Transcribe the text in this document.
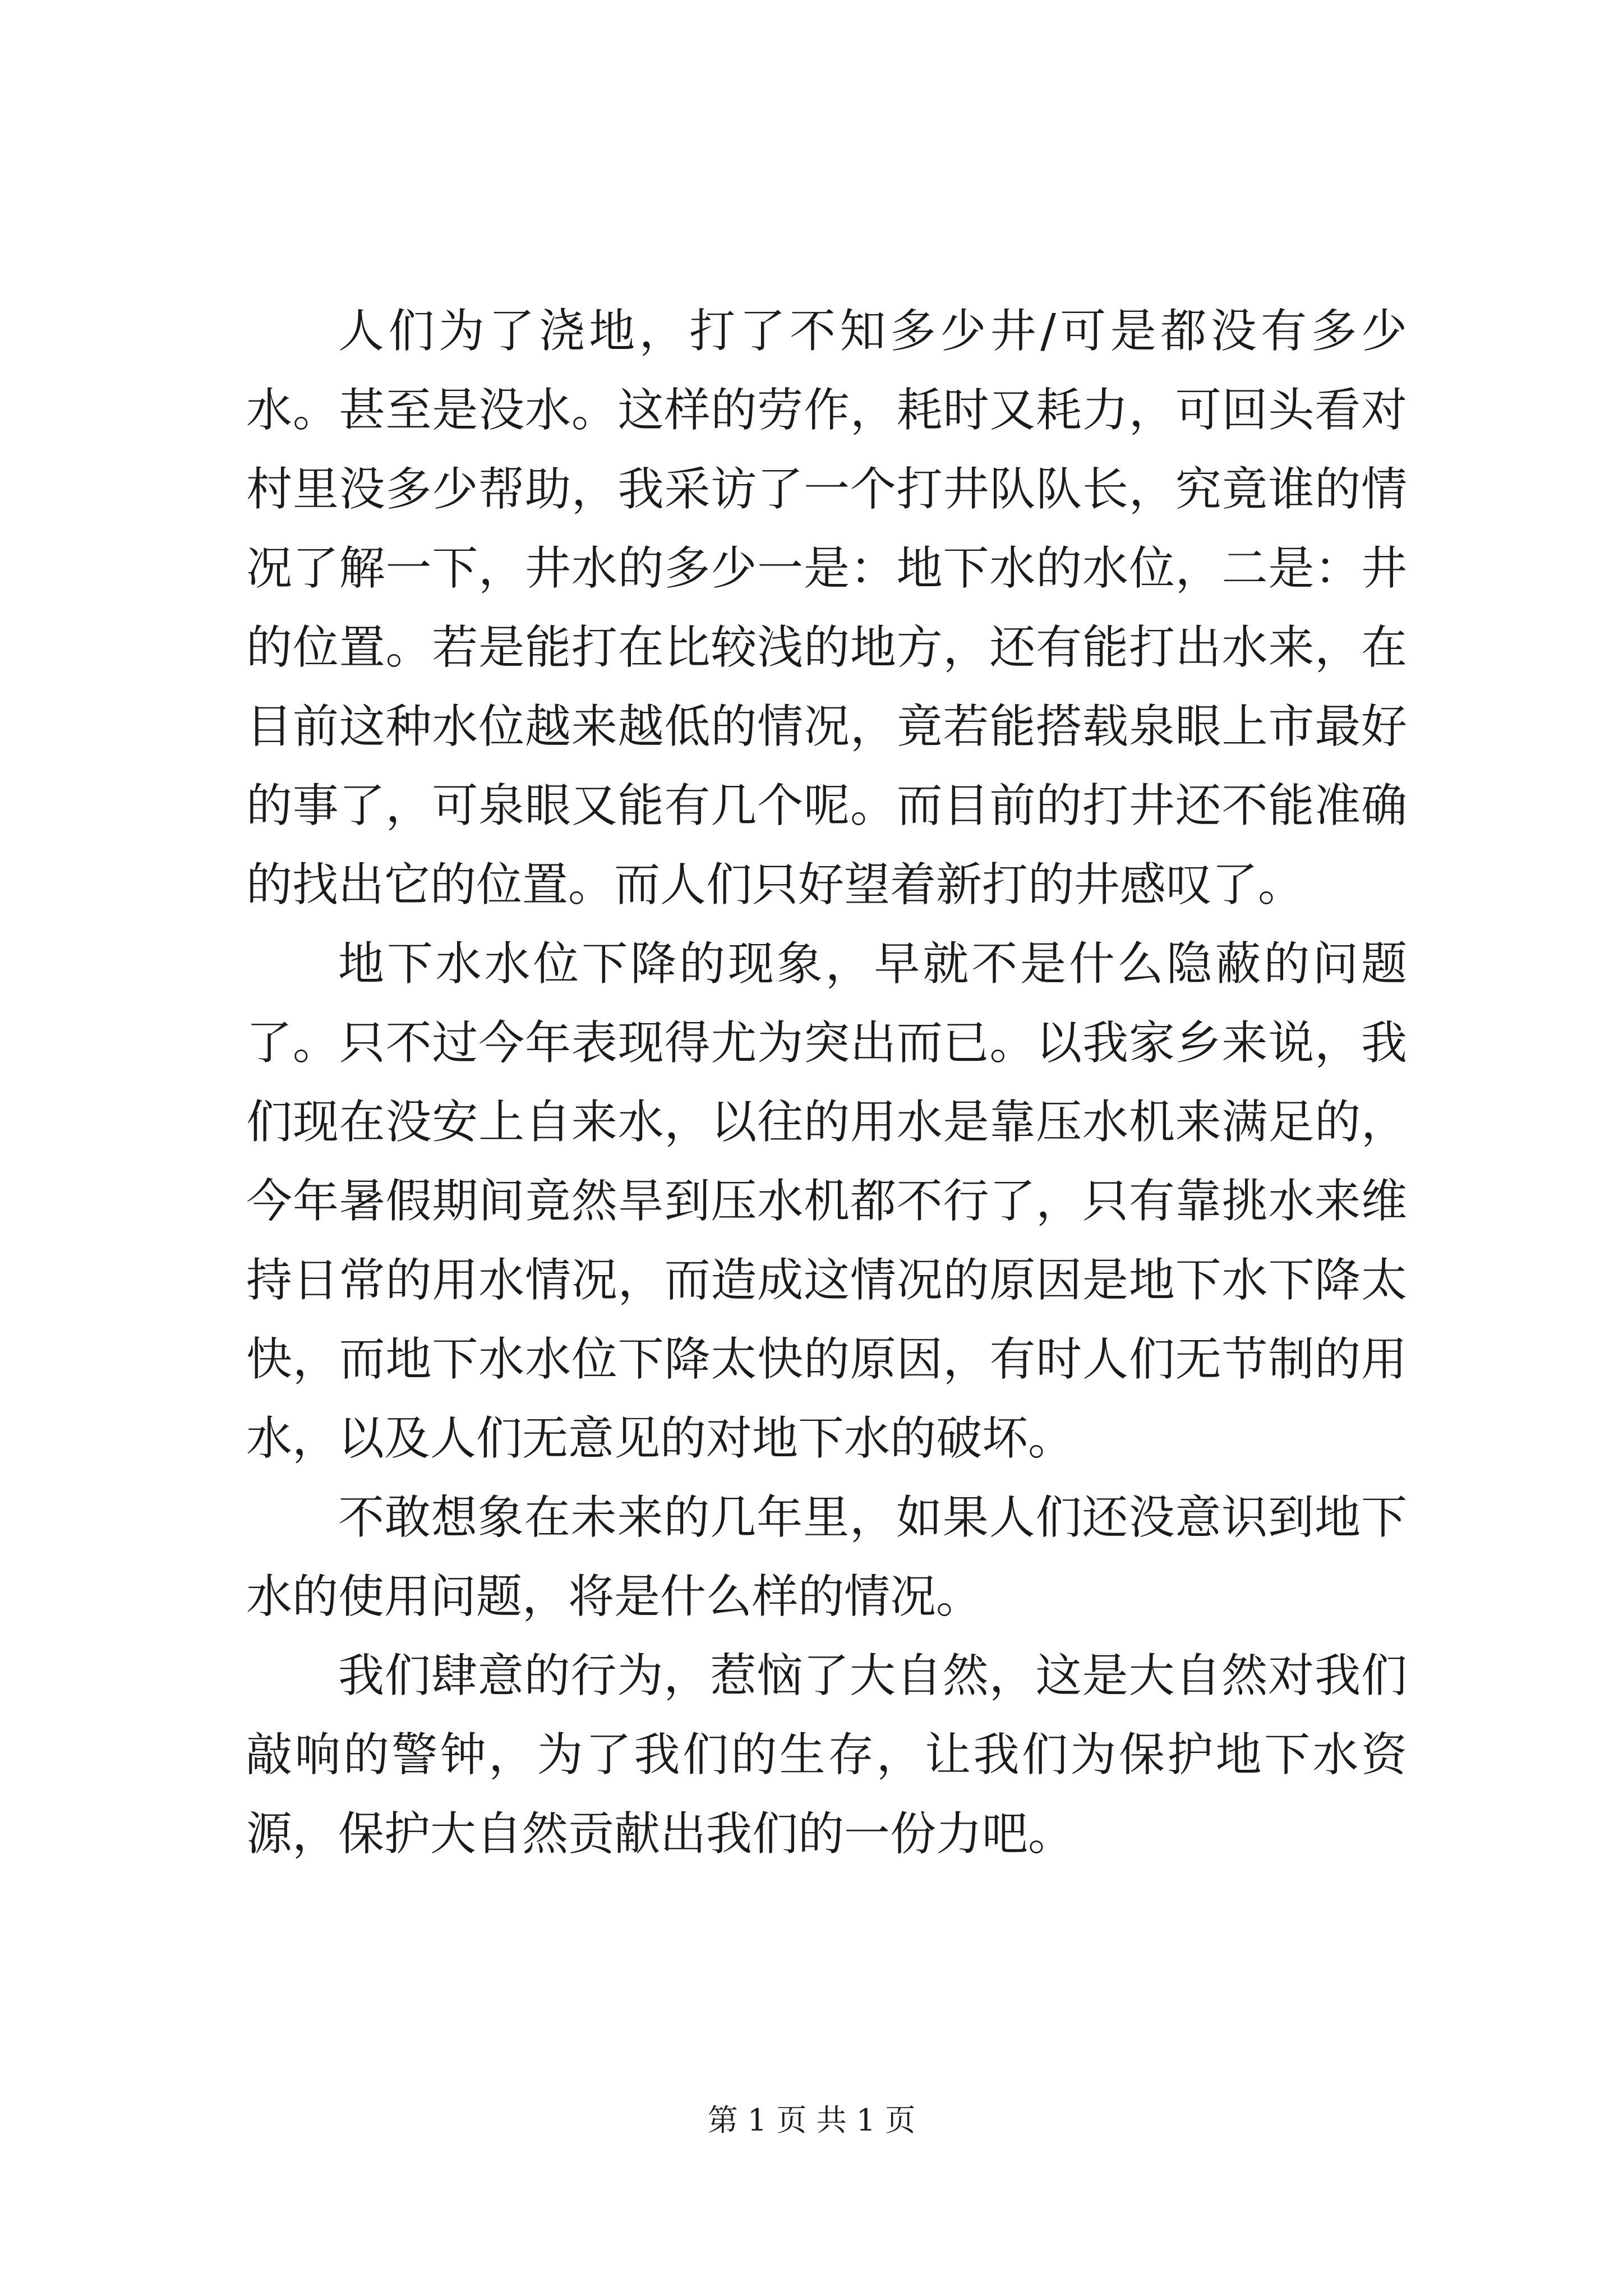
人们为了浇地，打了不知多少井/可是都没有多少水。甚至是没水。这样的劳作，耗时又耗力，可回头看对村里没多少帮助，我采访了一个打井队队长，究竟谁的情况了解一下，井水的多少一是：地下水的水位，二是：井的位置。若是能打在比较浅的地方，还有能打出水来，在目前这种水位越来越低的情况，竟若能搭载泉眼上市最好的事了，可泉眼又能有几个呢。而目前的打井还不能准确的找出它的位置。而人们只好望着新打的井感叹了。

地下水水位下降的现象，早就不是什么隐蔽的问题了。只不过今年表现得尤为突出而已。以我家乡来说，我们现在没安上自来水，以往的用水是靠压水机来满足的，今年暑假期间竟然旱到压水机都不行了，只有靠挑水来维持日常的用水情况，而造成这情况的原因是地下水下降太快，而地下水水位下降太快的原因，有时人们无节制的用水，以及人们无意见的对地下水的破坏。

不敢想象在未来的几年里，如果人们还没意识到地下水的使用问题，将是什么样的情况。

我们肆意的行为，惹恼了大自然，这是大自然对我们敲响的警钟，为了我们的生存，让我们为保护地下水资源，保护大自然贡献出我们的一份力吧。

第 1 页 共 1 页
